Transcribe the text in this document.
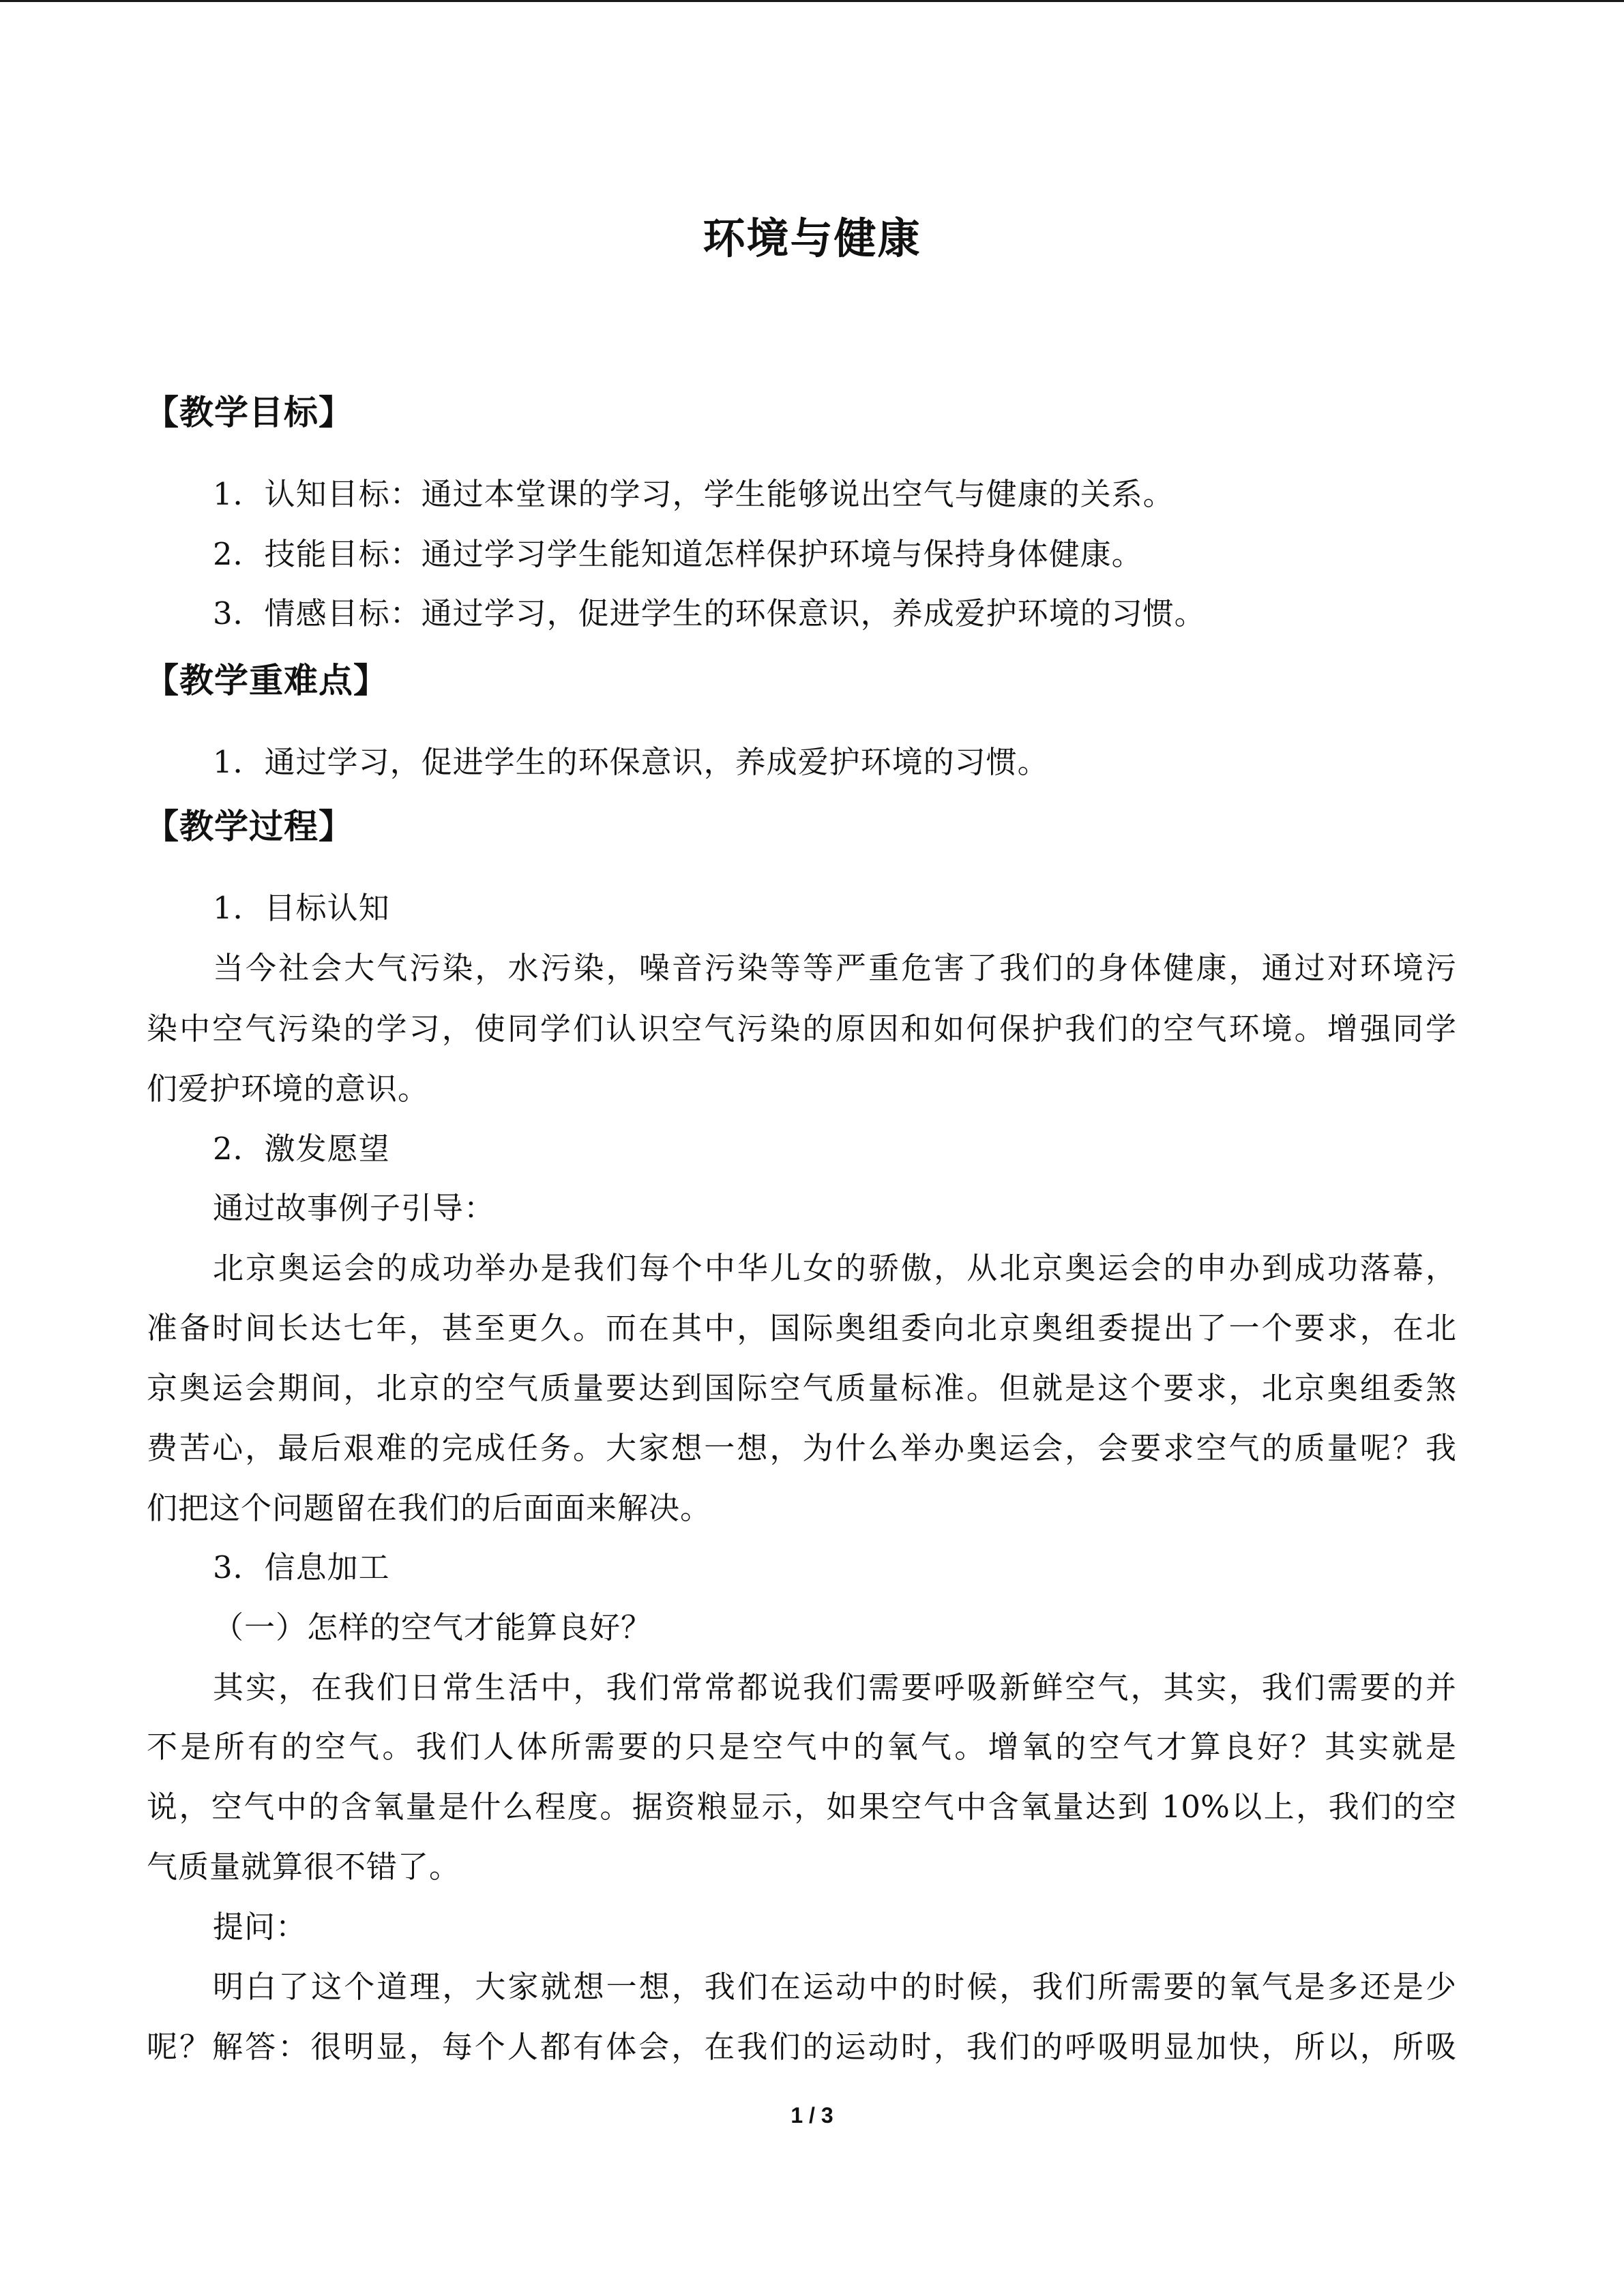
环境与健康
【教学目标】
1．认知目标：通过本堂课的学习，学生能够说出空气与健康的关系。
2．技能目标：通过学习学生能知道怎样保护环境与保持身体健康。
3．情感目标：通过学习，促进学生的环保意识，养成爱护环境的习惯。
【教学重难点】
1．通过学习，促进学生的环保意识，养成爱护环境的习惯。
【教学过程】
1．目标认知
当今社会大气污染，水污染，噪音污染等等严重危害了我们的身体健康，通过对环境污
染中空气污染的学习，使同学们认识空气污染的原因和如何保护我们的空气环境。增强同学
们爱护环境的意识。
2．激发愿望
通过故事例子引导：
北京奥运会的成功举办是我们每个中华儿女的骄傲，从北京奥运会的申办到成功落幕，
准备时间长达七年，甚至更久。而在其中，国际奥组委向北京奥组委提出了一个要求，在北
京奥运会期间，北京的空气质量要达到国际空气质量标准。但就是这个要求，北京奥组委煞
费苦心，最后艰难的完成任务。大家想一想，为什么举办奥运会，会要求空气的质量呢？我
们把这个问题留在我们的后面面来解决。
3．信息加工
（一）怎样的空气才能算良好？
其实，在我们日常生活中，我们常常都说我们需要呼吸新鲜空气，其实，我们需要的并
不是所有的空气。我们人体所需要的只是空气中的氧气。增氧的空气才算良好？其实就是
说，空气中的含氧量是什么程度。据资粮显示，如果空气中含氧量达到 10%以上，我们的空
气质量就算很不错了。
提问：
明白了这个道理，大家就想一想，我们在运动中的时候，我们所需要的氧气是多还是少
呢？解答：很明显，每个人都有体会，在我们的运动时，我们的呼吸明显加快，所以，所吸
1 / 3
